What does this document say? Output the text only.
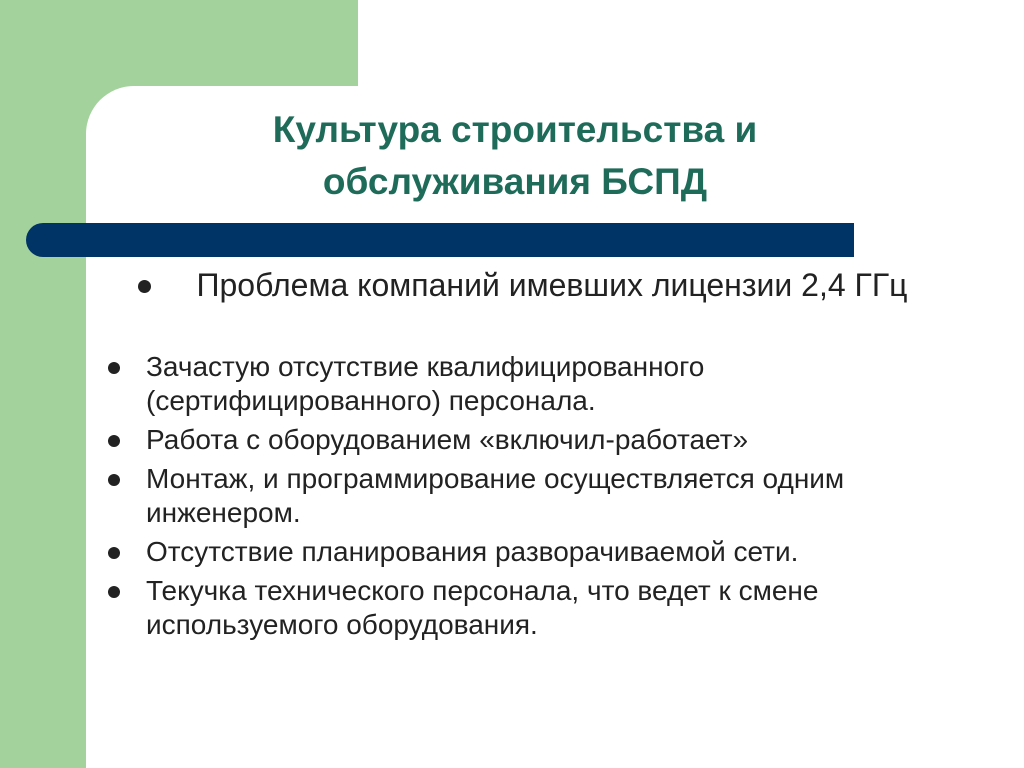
Культура строительства и
обслуживания БСПД
Проблема компаний имевших лицензии 2,4 ГГц
Зачастую отсутствие квалифицированного (сертифицированного) персонала.
Работа с оборудованием «включил-работает»
Монтаж, и программирование осуществляется одним инженером.
Отсутствие планирования разворачиваемой сети.
Текучка технического персонала, что ведет к смене используемого оборудования.
